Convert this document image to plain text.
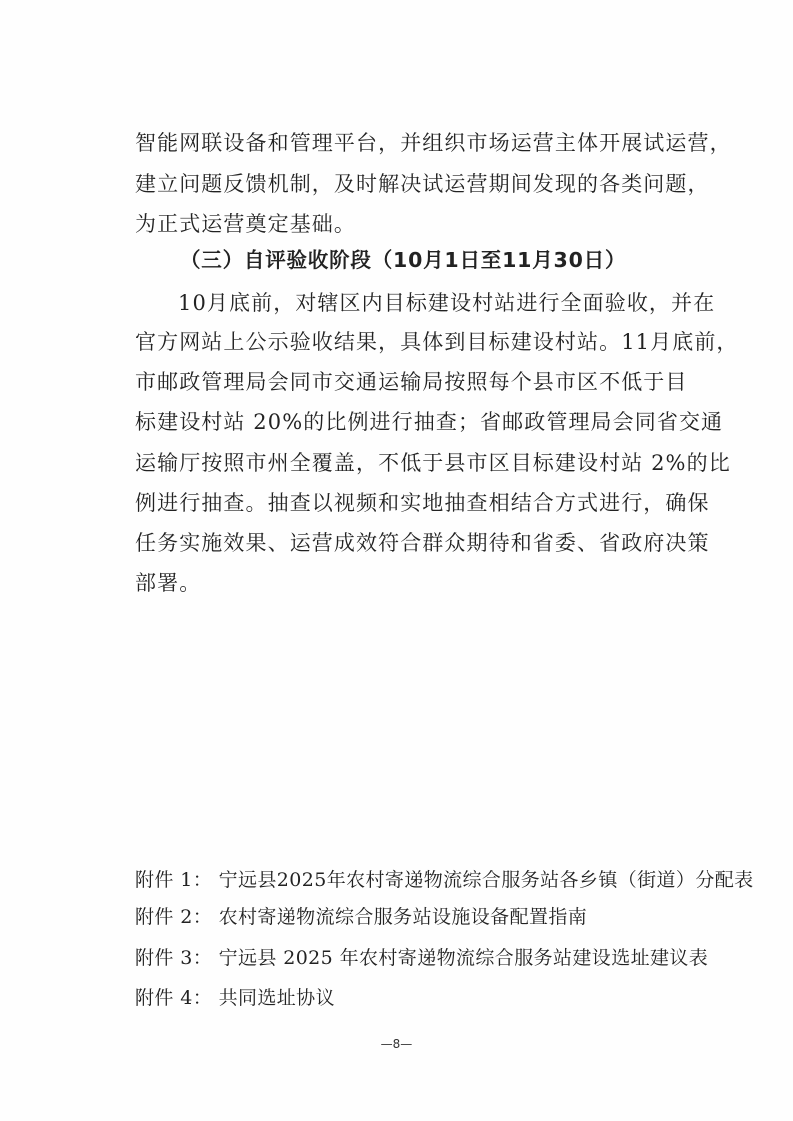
智能网联设备和管理平台，并组织市场运营主体开展试运营，
建立问题反馈机制，及时解决试运营期间发现的各类问题，
为正式运营奠定基础。
（三）自评验收阶段（10月1日至11月30日）
10月底前，对辖区内目标建设村站进行全面验收，并在
官方网站上公示验收结果，具体到目标建设村站。11月底前，
市邮政管理局会同市交通运输局按照每个县市区不低于目
标建设村站 20%的比例进行抽查；省邮政管理局会同省交通
运输厅按照市州全覆盖，不低于县市区目标建设村站 2%的比
例进行抽查。抽查以视频和实地抽查相结合方式进行，确保
任务实施效果、运营成效符合群众期待和省委、省政府决策
部署。
附件 1： 宁远县2025年农村寄递物流综合服务站各乡镇（街道）分配表
附件 2： 农村寄递物流综合服务站设施设备配置指南
附件 3： 宁远县 2025 年农村寄递物流综合服务站建设选址建议表
附件 4： 共同选址协议
—8—
